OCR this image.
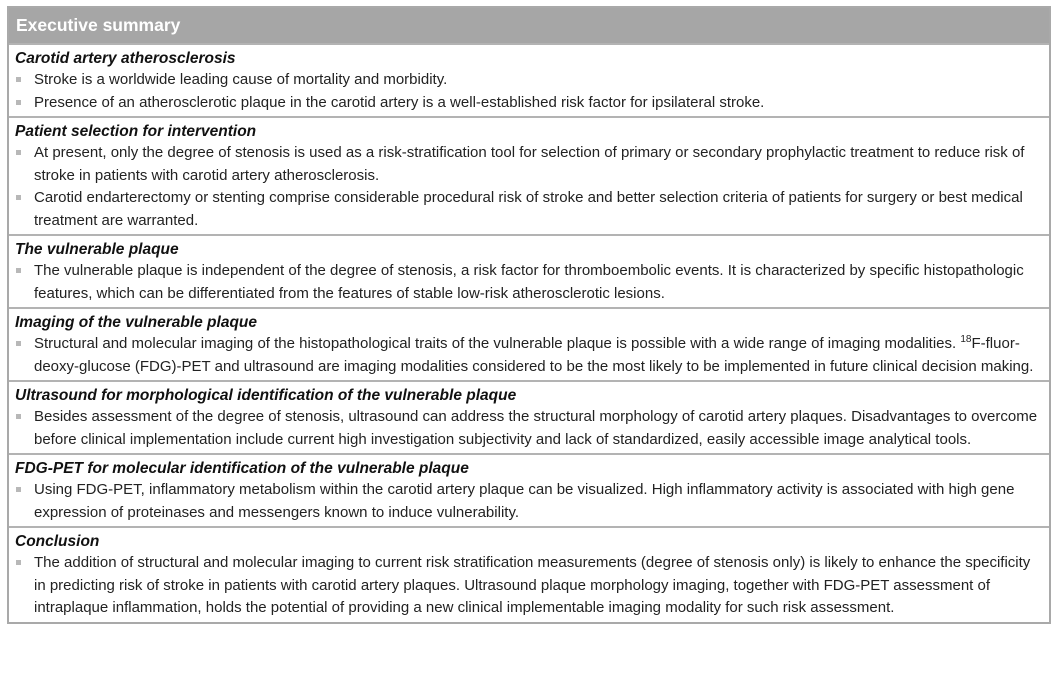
Executive summary
Carotid artery atherosclerosis
Stroke is a worldwide leading cause of mortality and morbidity.
Presence of an atherosclerotic plaque in the carotid artery is a well-established risk factor for ipsilateral stroke.
Patient selection for intervention
At present, only the degree of stenosis is used as a risk-stratification tool for selection of primary or secondary prophylactic treatment to reduce risk of stroke in patients with carotid artery atherosclerosis.
Carotid endarterectomy or stenting comprise considerable procedural risk of stroke and better selection criteria of patients for surgery or best medical treatment are warranted.
The vulnerable plaque
The vulnerable plaque is independent of the degree of stenosis, a risk factor for thromboembolic events. It is characterized by specific histopathologic features, which can be differentiated from the features of stable low-risk atherosclerotic lesions.
Imaging of the vulnerable plaque
Structural and molecular imaging of the histopathological traits of the vulnerable plaque is possible with a wide range of imaging modalities. $^{18}$F-fluor-deoxy-glucose (FDG)-PET and ultrasound are imaging modalities considered to be the most likely to be implemented in future clinical decision making.
Ultrasound for morphological identification of the vulnerable plaque
Besides assessment of the degree of stenosis, ultrasound can address the structural morphology of carotid artery plaques. Disadvantages to overcome before clinical implementation include current high investigation subjectivity and lack of standardized, easily accessible image analytical tools.
FDG-PET for molecular identification of the vulnerable plaque
Using FDG-PET, inflammatory metabolism within the carotid artery plaque can be visualized. High inflammatory activity is associated with high gene expression of proteinases and messengers known to induce vulnerability.
Conclusion
The addition of structural and molecular imaging to current risk stratification measurements (degree of stenosis only) is likely to enhance the specificity in predicting risk of stroke in patients with carotid artery plaques. Ultrasound plaque morphology imaging, together with FDG-PET assessment of intraplaque inflammation, holds the potential of providing a new clinical implementable imaging modality for such risk assessment.
